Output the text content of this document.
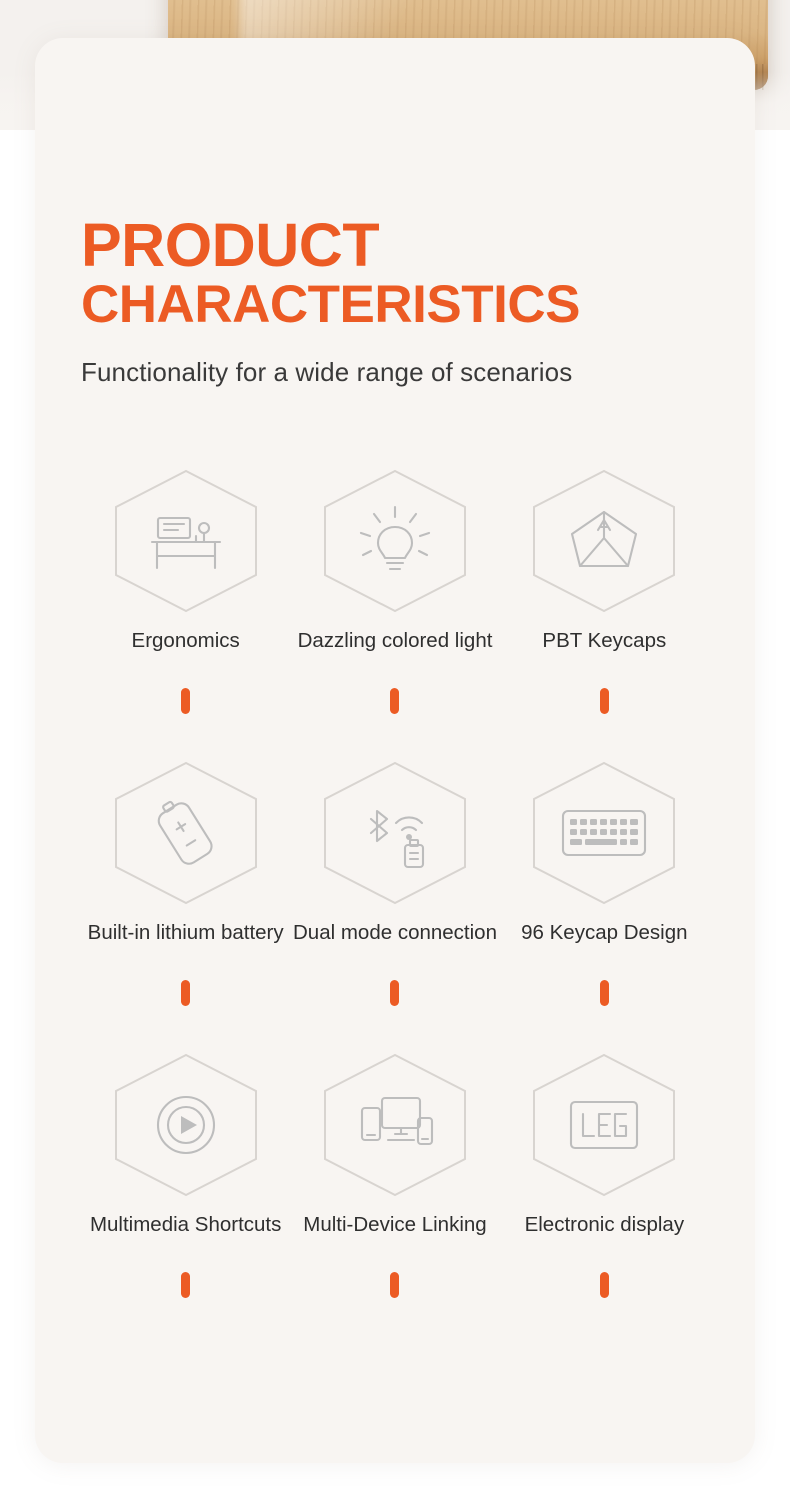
PRODUCT
CHARACTERISTICS
Functionality for a wide range of scenarios
Ergonomics	Dazzling colored light PBT Keycaps
Built-in lithium battery Dual mode connection 96 Keycap Design
Multimedia Shortcuts Multi-Device Linking Electronic display
